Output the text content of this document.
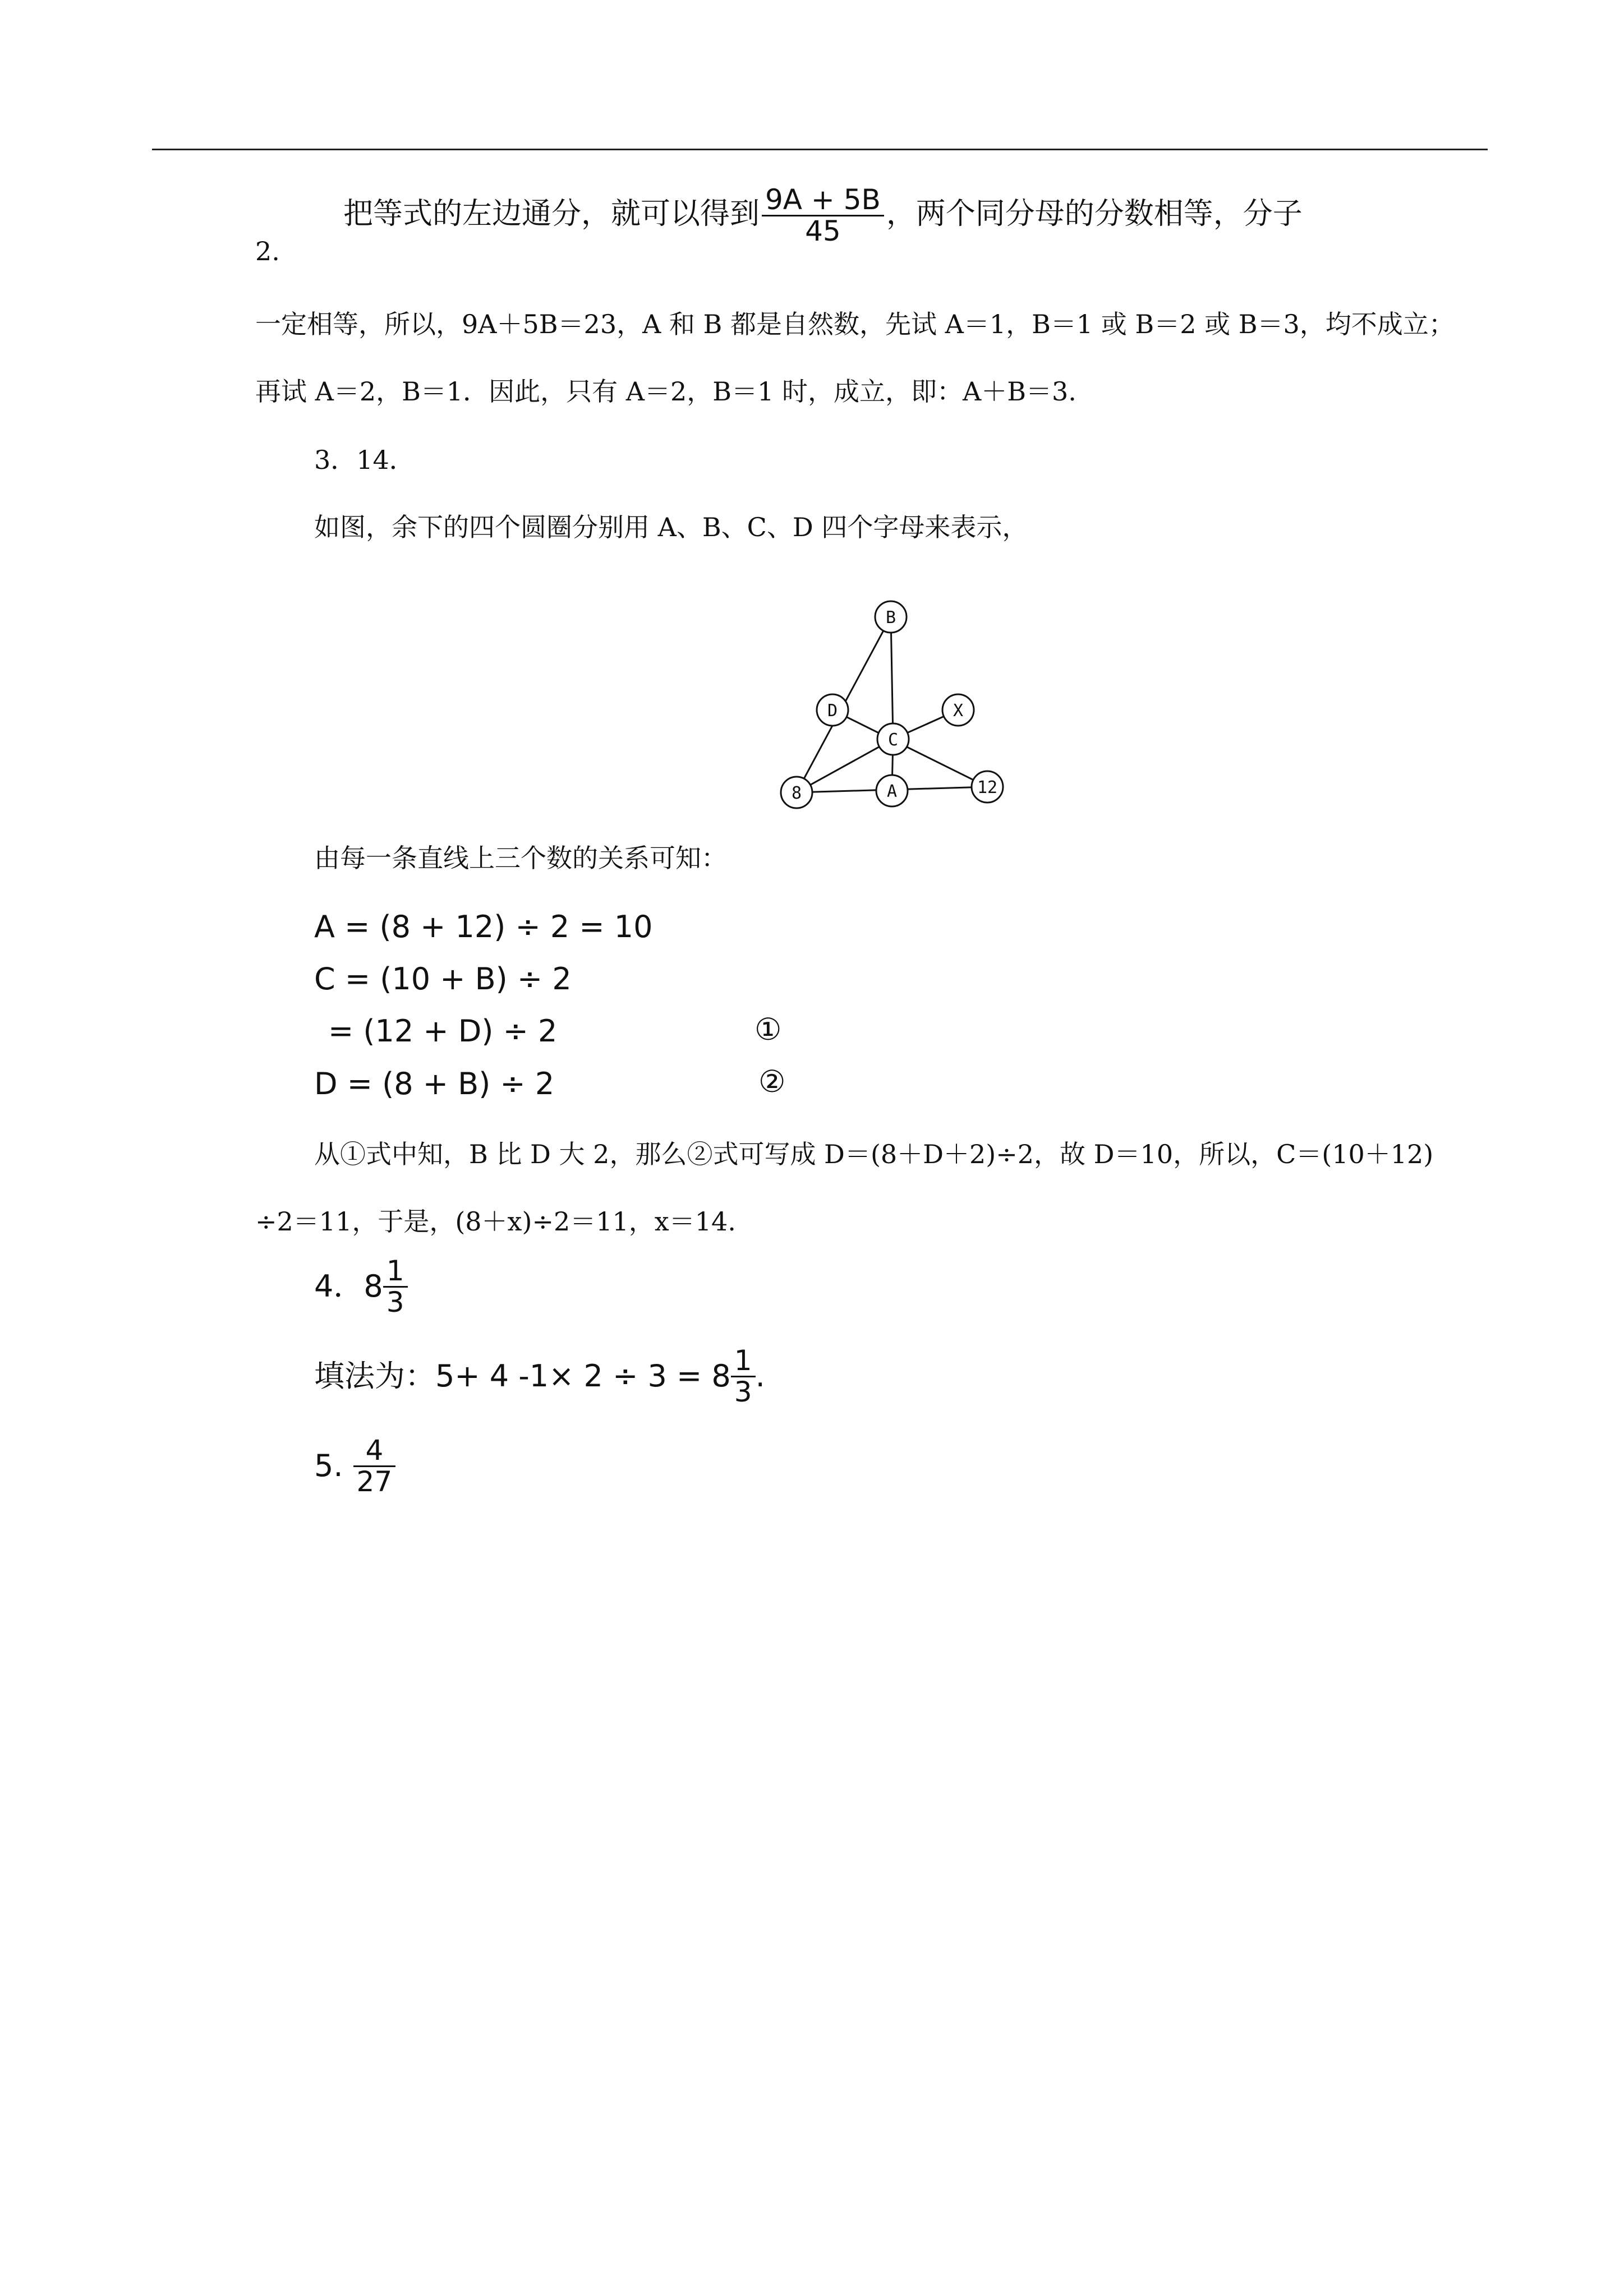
把等式的左边通分，就可以得到 $\frac{9A + 5B}{45}$ ，两个同分母的分数相等，分子
2.
一定相等，所以，9A＋5B＝23，A 和 B 都是自然数，先试 A＝1，B＝1 或 B＝2 或 B＝3，均不成立；
再试 A＝2，B＝1．因此，只有 A＝2，B＝1 时，成立，即：A＋B＝3.
3．14．
如图，余下的四个圆圈分别用 A、B、C、D 四个字母来表示，
B
D
C
X
8	A	12
由每一条直线上三个数的关系可知：
A = (8 + 12) ÷ 2 = 10
C = (10 + B) ÷ 2
= (12 + D) ÷ 2	①
D = (8 + B) ÷ 2	②
从①式中知，B 比 D 大 2，那么②式可写成 D＝(8＋D＋2)÷2，故 D＝10，所以，C＝(10＋12)
÷2＝11，于是，(8＋x)÷2＝11，x＝14.
4．$8 \frac{1}{3}$
填法为：5+ 4 $-1\times 2 \div 3 = 8 \frac{1}{3}$ .
5. $\frac{4}{27}$
